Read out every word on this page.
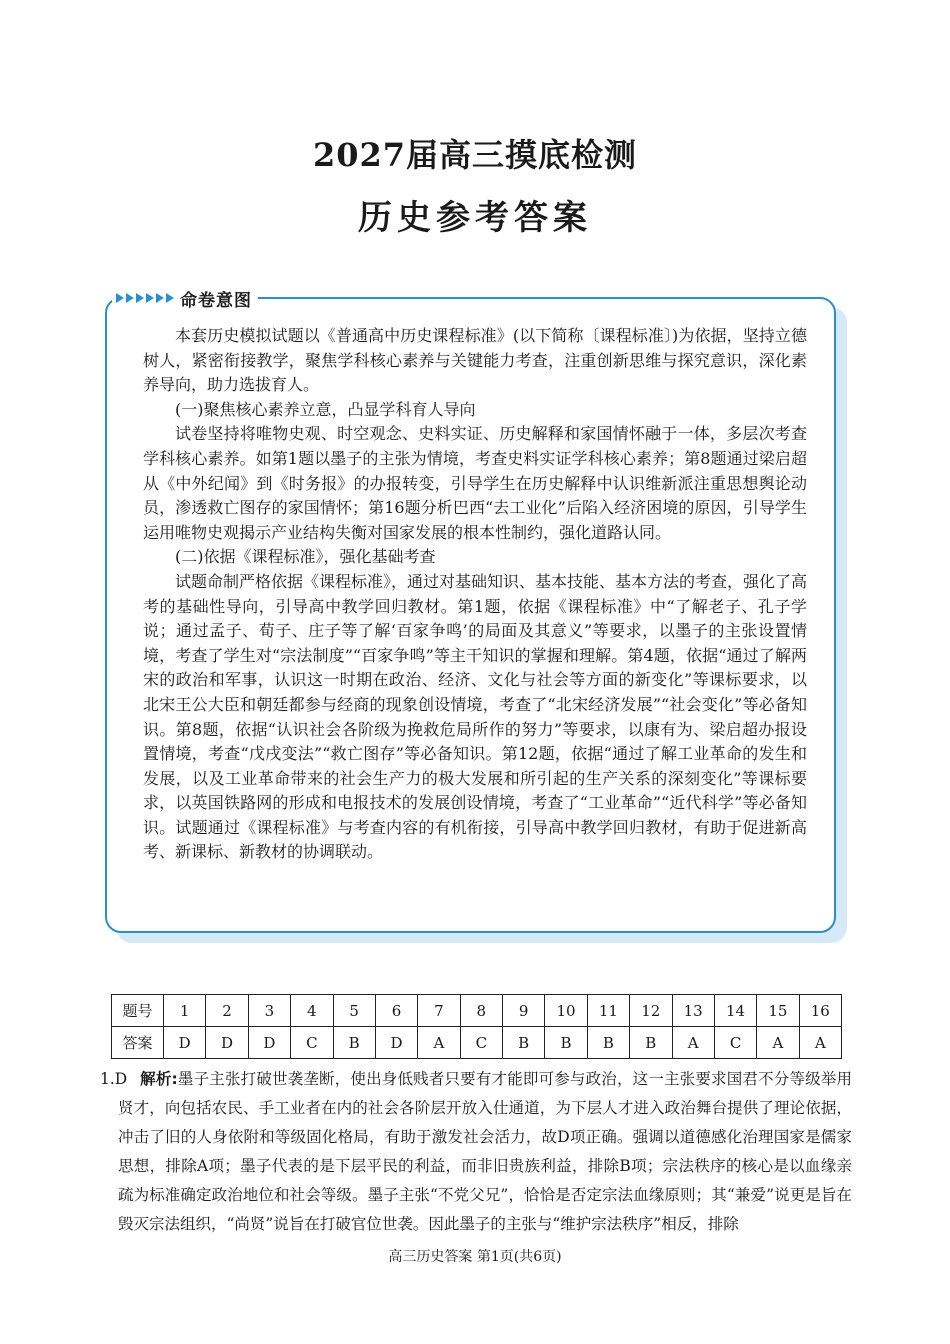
2027届高三摸底检测
历史参考答案
命卷意图

本套历史模拟试题以《普通高中历史课程标准》(以下简称〔课程标准〕)为依据，坚持立德树人，紧密衔接教学，聚焦学科核心素养与关键能力考查，注重创新思维与探究意识，深化素养导向，助力选拔育人。

(一)聚焦核心素养立意，凸显学科育人导向

试卷坚持将唯物史观、时空观念、史料实证、历史解释和家国情怀融于一体，多层次考查学科核心素养。如第1题以墨子的主张为情境，考查史料实证学科核心素养；第8题通过梁启超从《中外纪闻》到《时务报》的办报转变，引导学生在历史解释中认识维新派注重思想舆论动员，渗透救亡图存的家国情怀；第16题分析巴西“去工业化”后陷入经济困境的原因，引导学生运用唯物史观揭示产业结构失衡对国家发展的根本性制约，强化道路认同。

(二)依据《课程标准》，强化基础考查

试题命制严格依据《课程标准》，通过对基础知识、基本技能、基本方法的考查，强化了高考的基础性导向，引导高中教学回归教材。第1题，依据《课程标准》中“了解老子、孔子学说；通过孟子、荀子、庄子等了解‘百家争鸣’的局面及其意义”等要求，以墨子的主张设置情境，考查了学生对“宗法制度”“百家争鸣”等主干知识的掌握和理解。第4题，依据“通过了解两宋的政治和军事，认识这一时期在政治、经济、文化与社会等方面的新变化”等课标要求，以北宋王公大臣和朝廷都参与经商的现象创设情境，考查了“北宋经济发展”“社会变化”等必备知识。第8题，依据“认识社会各阶级为挽救危局所作的努力”等要求，以康有为、梁启超办报设置情境，考查“戊戌变法”“救亡图存”等必备知识。第12题，依据“通过了解工业革命的发生和发展，以及工业革命带来的社会生产力的极大发展和所引起的生产关系的深刻变化”等课标要求，以英国铁路网的形成和电报技术的发展创设情境，考查了“工业革命”“近代科学”等必备知识。试题通过《课程标准》与考查内容的有机衔接，引导高中教学回归教材，有助于促进新高考、新课标、新教材的协调联动。

题号	1	2	3	4	5	6	7	8	9	10	11	12	13	14	15	16
答案	D	D	D	C	B	D	A	C	B	B	B	B	A	C	A	A
1.D 解析:墨子主张打破世袭垄断，使出身低贱者只要有才能即可参与政治，这一主张要求国君不分等级举用贤才，向包括农民、手工业者在内的社会各阶层开放入仕通道，为下层人才进入政治舞台提供了理论依据，冲击了旧的人身依附和等级固化格局，有助于激发社会活力，故D项正确。强调以道德感化治理国家是儒家思想，排除A项；墨子代表的是下层平民的利益，而非旧贵族利益，排除B项；宗法秩序的核心是以血缘亲疏为标准确定政治地位和社会等级。墨子主张“不党父兄”，恰恰是否定宗法血缘原则；其“兼爱”说更是旨在毁灭宗法组织，“尚贤”说旨在打破官位世袭。因此墨子的主张与“维护宗法秩序”相反，排除
高三历史答案 第1页(共6页)
